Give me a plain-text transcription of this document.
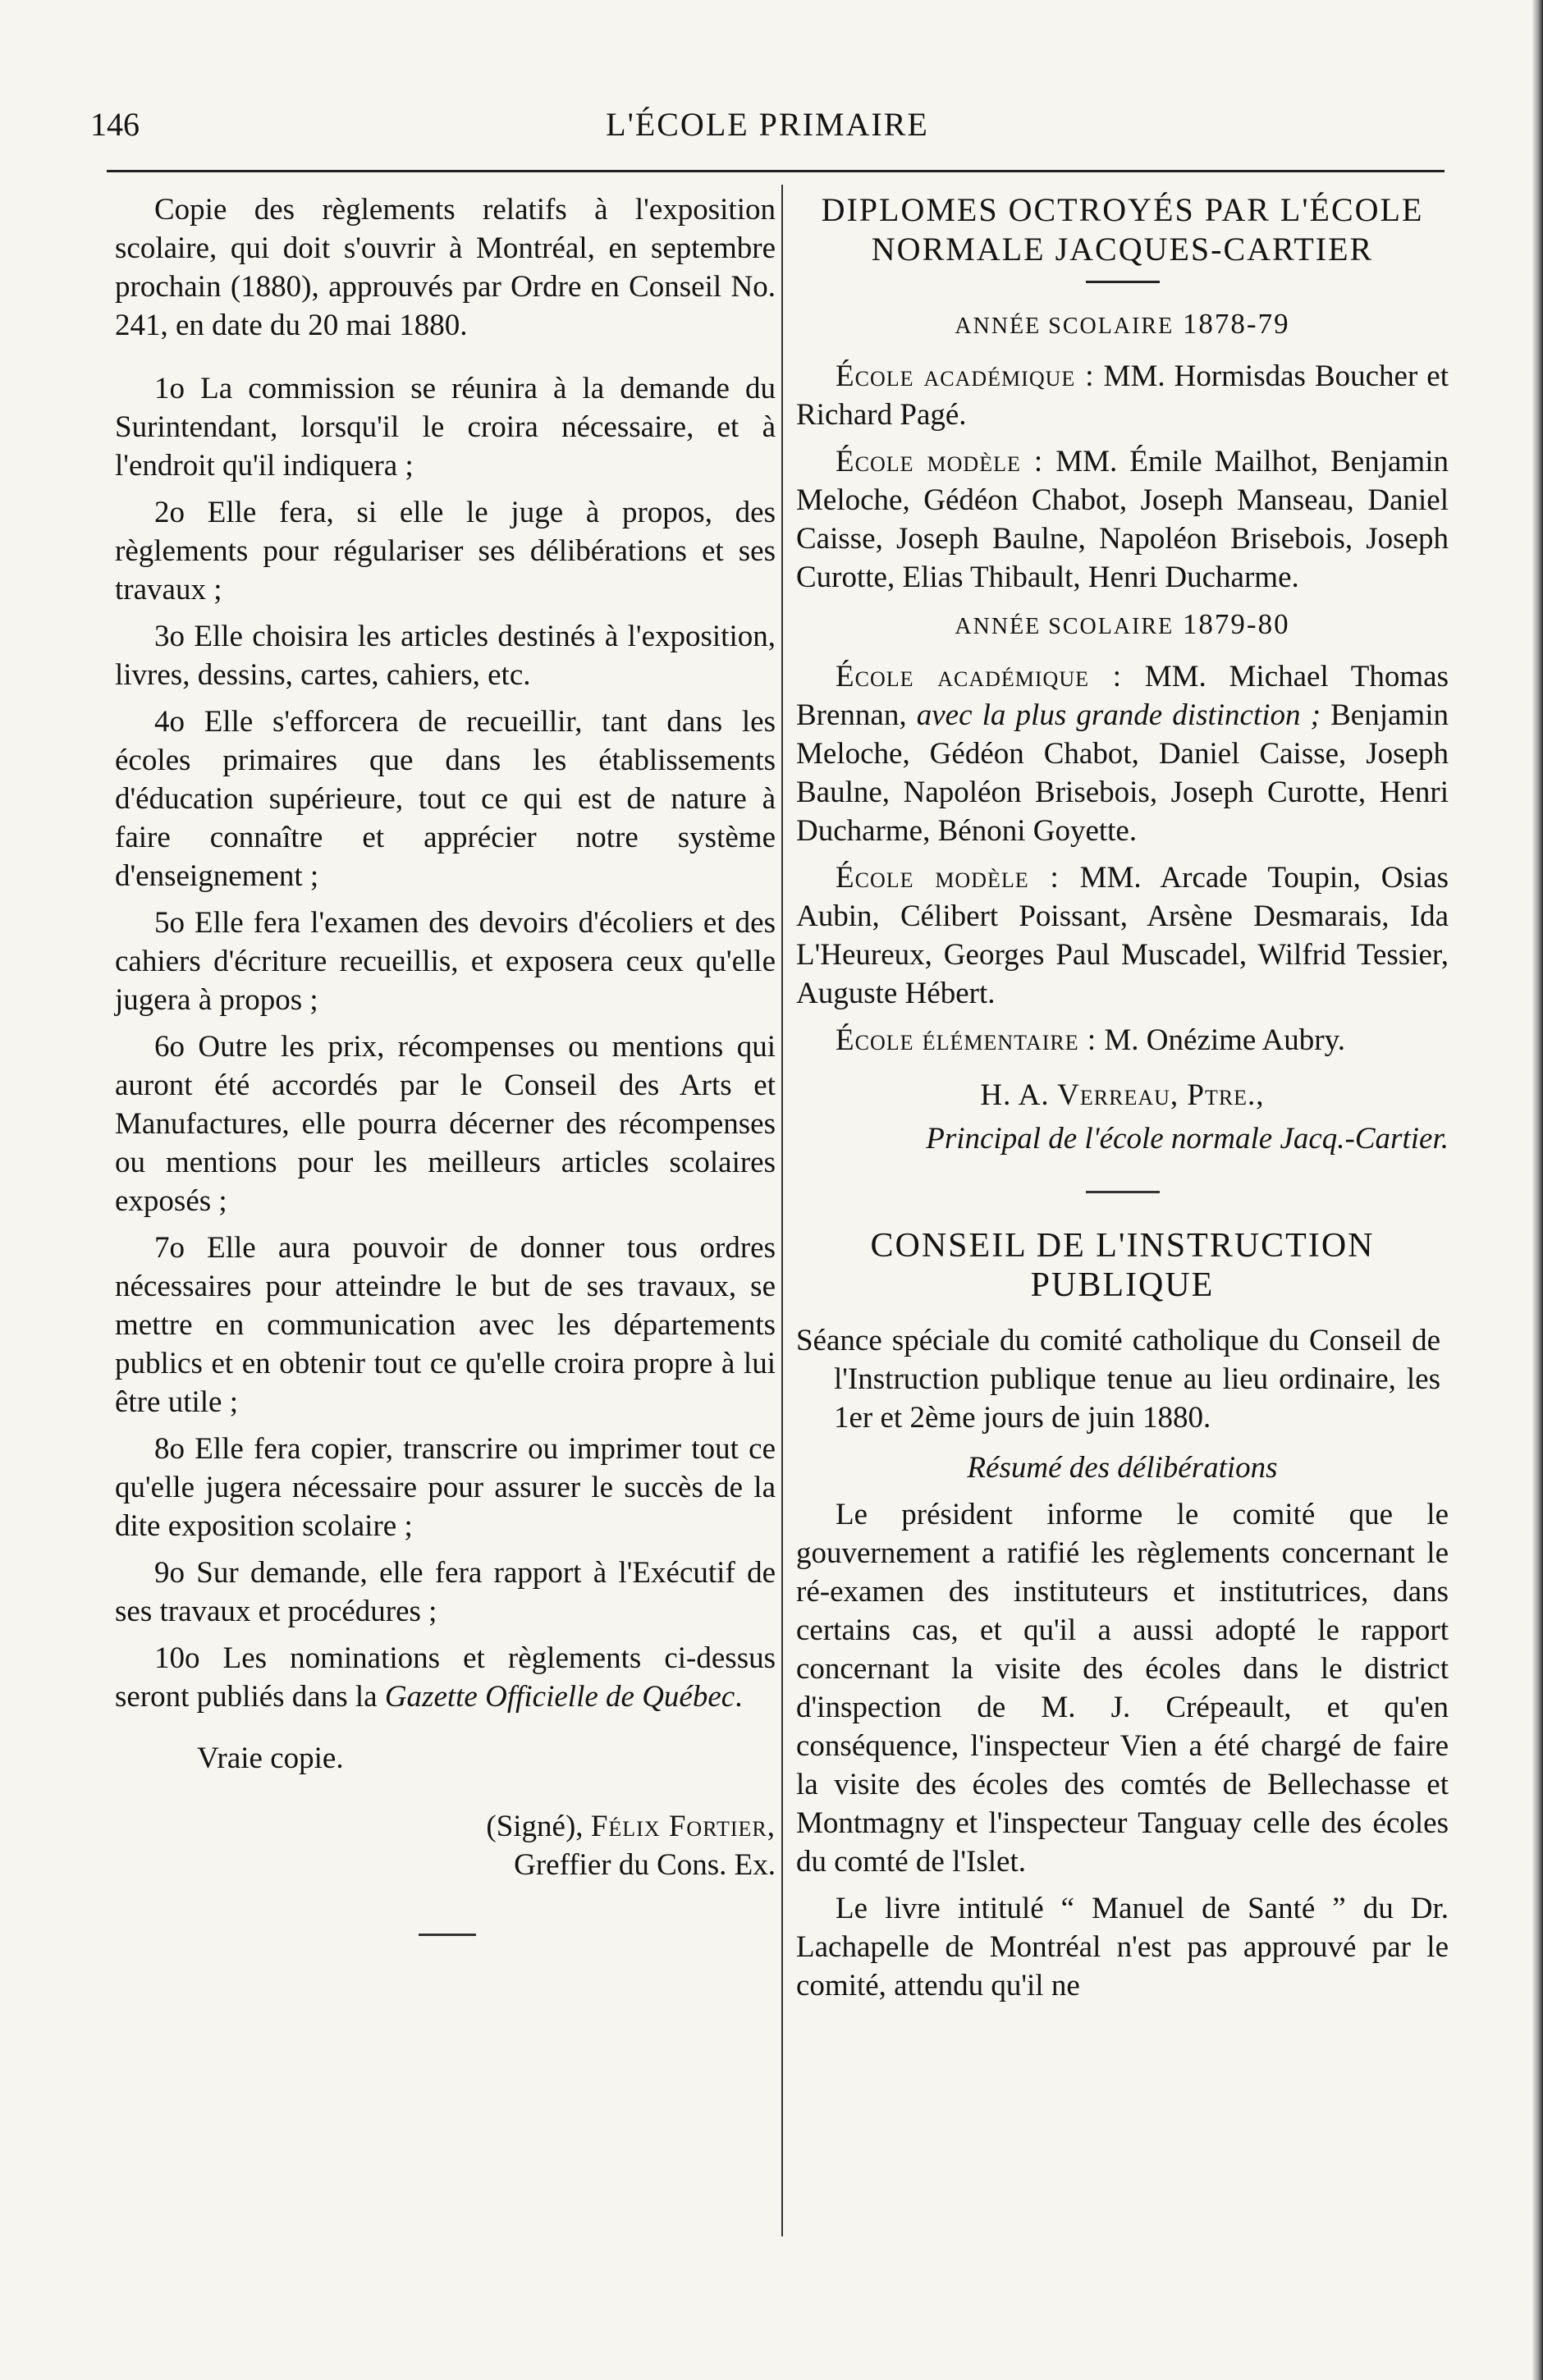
146	L'ÉCOLE PRIMAIRE

Copie des règlements relatifs à l'exposition scolaire, qui doit s'ouvrir à Montréal, en septembre prochain (1880), approuvés par Ordre en Conseil No. 241, en date du 20 mai 1880.

1o La commission se réunira à la demande du Surintendant, lorsqu'il le croira nécessaire, et à l'endroit qu'il indiquera ;

2o Elle fera, si elle le juge à propos, des règlements pour régulariser ses délibérations et ses travaux ;

3o Elle choisira les articles destinés à l'exposition, livres, dessins, cartes, cahiers, etc.

4o Elle s'efforcera de recueillir, tant dans les écoles primaires que dans les établissements d'éducation supérieure, tout ce qui est de nature à faire connaître et apprécier notre système d'enseignement ;

5o Elle fera l'examen des devoirs d'écoliers et des cahiers d'écriture recueillis, et exposera ceux qu'elle jugera à propos ;

6o Outre les prix, récompenses ou mentions qui auront été accordés par le Conseil des Arts et Manufactures, elle pourra décerner des récompenses ou mentions pour les meilleurs articles scolaires exposés ;

7o Elle aura pouvoir de donner tous ordres nécessaires pour atteindre le but de ses travaux, se mettre en communication avec les départements publics et en obtenir tout ce qu'elle croira propre à lui être utile ;

8o Elle fera copier, transcrire ou imprimer tout ce qu'elle jugera nécessaire pour assurer le succès de la dite exposition scolaire ;

9o Sur demande, elle fera rapport à l'Exécutif de ses travaux et procédures ;

10o Les nominations et règlements ci-dessus seront publiés dans la Gazette Officielle de Québec.

Vraie copie.

(Signé), Félix Fortier,

Greffier du Cons. Ex.

DIPLOMES OCTROYÉS PAR L'ÉCOLE NORMALE JACQUES-CARTIER

ANNÉE SCOLAIRE 1878-79

École académique : MM. Hormisdas Boucher et Richard Pagé.

École modèle : MM. Émile Mailhot, Benjamin Meloche, Gédéon Chabot, Joseph Manseau, Daniel Caisse, Joseph Baulne, Napoléon Brisebois, Joseph Curotte, Elias Thibault, Henri Ducharme.

ANNÉE SCOLAIRE 1879-80

École académique : MM. Michael Thomas Brennan, avec la plus grande distinction ; Benjamin Meloche, Gédéon Chabot, Daniel Caisse, Joseph Baulne, Napoléon Brisebois, Joseph Curotte, Henri Ducharme, Bénoni Goyette.

École modèle : MM. Arcade Toupin, Osias Aubin, Célibert Poissant, Arsène Desmarais, Ida L'Heureux, Georges Paul Muscadel, Wilfrid Tessier, Auguste Hébert.

École élémentaire : M. Onézime Aubry.

H. A. Verreau, Ptre.,

Principal de l'école normale Jacq.-Cartier.

CONSEIL DE L'INSTRUCTION PUBLIQUE

Séance spéciale du comité catholique du Conseil de l'Instruction publique tenue au lieu ordinaire, les 1er et 2ème jours de juin 1880.

Résumé des délibérations

Le président informe le comité que le gouvernement a ratifié les règlements concernant le ré-examen des instituteurs et institutrices, dans certains cas, et qu'il a aussi adopté le rapport concernant la visite des écoles dans le district d'inspection de M. J. Crépeault, et qu'en conséquence, l'inspecteur Vien a été chargé de faire la visite des écoles des comtés de Bellechasse et Montmagny et l'inspecteur Tanguay celle des écoles du comté de l'Islet.

Le livre intitulé “ Manuel de Santé ” du Dr. Lachapelle de Montréal n'est pas approuvé par le comité, attendu qu'il ne
